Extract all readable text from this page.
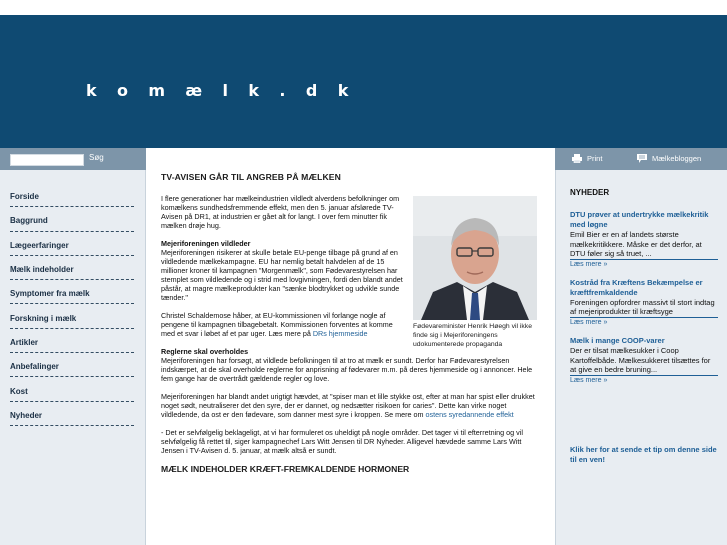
k o m æ l k . d k
Søg
Forside
Baggrund
Lægeerfaringer
Mælk indeholder
Symptomer fra mælk
Forskning i mælk
Artikler
Anbefalinger
Kost
Nyheder
TV-AVISEN GÅR TIL ANGREB PÅ MÆLKEN
Fødevareminister Henrik Høegh vil ikke finde sig i Mejeriforeningens udokumenterede propaganda

I flere generationer har mælkeindustrien vildledt alverdens befolkninger om komælkens sundhedsfremmende effekt, men den 5. januar afslørede TV-Avisen på DR1, at industrien er gået alt for langt. I over fem minutter fik mælken drøje hug.

Mejeriforeningen vildleder
Mejeriforeningen risikerer at skulle betale EU-penge tilbage på grund af en vildledende mælkekampagne. EU har nemlig betalt halvdelen af de 15 millioner kroner til kampagnen "Morgenmælk", som Fødevarestyrelsen har stemplet som vildledende og i strid med lovgivningen, fordi den blandt andet påstår, at magre mælkeprodukter kan "sænke blodtrykket og udvikle sunde tænder."

Christel Schaldemose håber, at EU-kommissionen vil forlange nogle af pengene til kampagnen tilbagebetalt. Kommissionen forventes at komme med et svar i løbet af et par uger. Læs mere på DRs hjemmeside

Reglerne skal overholdes
Mejeriforeningen har forsøgt, at vildlede befolkningen til at tro at mælk er sundt. Derfor har Fødevarestyrelsen indskærpet, at de skal overholde reglerne for anprisning af fødevarer m.m. på deres hjemmeside og i annoncer. Hele fem gange har de overtrådt gældende regler og love.

Mejeriforeningen har blandt andet urigtigt hævdet, at "spiser man et lille stykke ost, efter at man har spist eller drukket noget sødt, neutraliserer det den syre, der er dannet, og nedsætter risikoen for caries". Dette kan virke noget vildledende, da ost er den fødevare, som danner mest syre i kroppen. Se mere om ostens syredannende effekt

- Det er selvfølgelig beklageligt, at vi har formuleret os uheldigt på nogle områder. Det tager vi til efterretning og vil selvfølgelig få rettet til, siger kampagnechef Lars Witt Jensen til DR Nyheder. Alligevel hævdede samme Lars Witt Jensen i TV-Avisen d. 5. januar, at mælk altså er sundt.

MÆLK INDEHOLDER KRÆFT-FREMKALDENDE HORMONER
Print	Mælkebloggen
NYHEDER
DTU prøver at undertrykke mælkekritik med løgne
Emil Bier er en af landets største mælkekritikkere. Måske er det derfor, at DTU føler sig så truet, ...
Læs mere »
Kostråd fra Kræftens Bekæmpelse er kræftfremkaldende
Foreningen opfordrer massivt til stort indtag af mejeriprodukter til kræftsyge
Læs mere »
Mælk i mange COOP-varer
Der er tilsat mælkesukker i Coop Kartoffelbåde. Mælkesukkeret tilsættes for at give en bedre bruning...
Læs mere »
Klik her for at sende et tip om denne side til en ven!
